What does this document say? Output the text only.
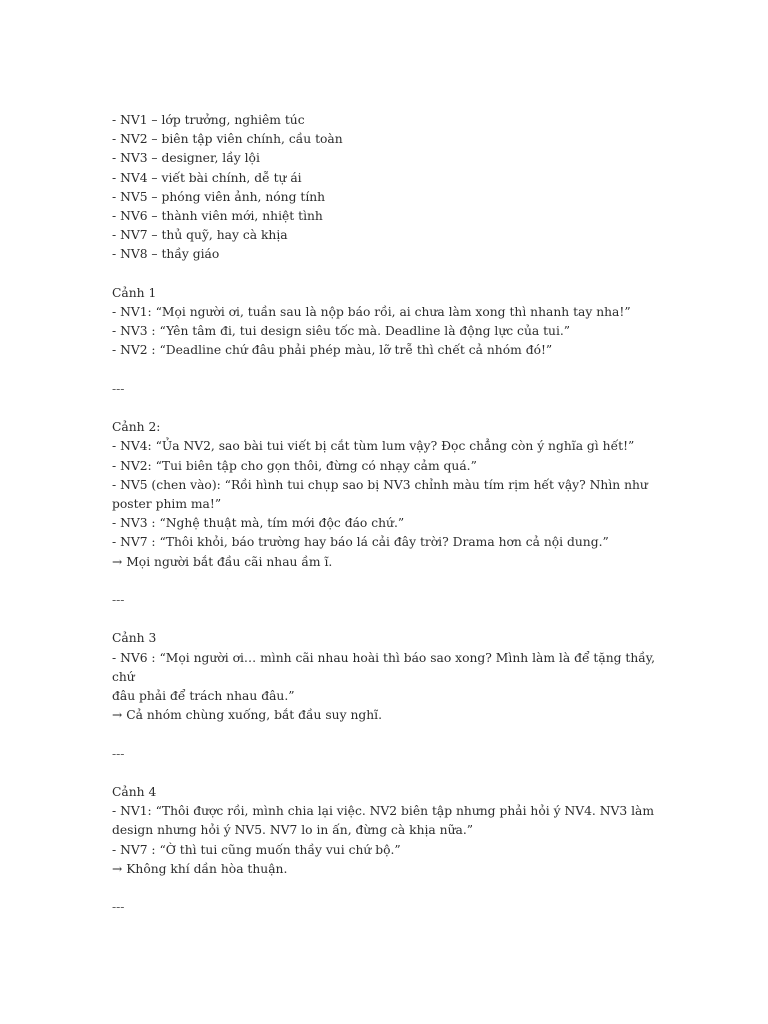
- NV1 – lớp trưởng, nghiêm túc

- NV2 – biên tập viên chính, cầu toàn

- NV3 – designer, lầy lội

- NV4 – viết bài chính, dễ tự ái

- NV5 – phóng viên ảnh, nóng tính

- NV6 – thành viên mới, nhiệt tình

- NV7 – thủ quỹ, hay cà khịa

- NV8 – thầy giáo

Cảnh 1

- NV1: “Mọi người ơi, tuần sau là nộp báo rồi, ai chưa làm xong thì nhanh tay nha!”

- NV3 : “Yên tâm đi, tui design siêu tốc mà. Deadline là động lực của tui.”

- NV2 : “Deadline chứ đâu phải phép màu, lỡ trễ thì chết cả nhóm đó!”

---

Cảnh 2:

- NV4: “Ủa NV2, sao bài tui viết bị cắt tùm lum vậy? Đọc chẳng còn ý nghĩa gì hết!”

- NV2: “Tui biên tập cho gọn thôi, đừng có nhạy cảm quá.”

- NV5 (chen vào): “Rồi hình tui chụp sao bị NV3 chỉnh màu tím rịm hết vậy? Nhìn như

poster phim ma!”

- NV3 : “Nghệ thuật mà, tím mới độc đáo chứ.”

- NV7 : “Thôi khỏi, báo trường hay báo lá cải đây trời? Drama hơn cả nội dung.”

→ Mọi người bắt đầu cãi nhau ầm ĩ.

---

Cảnh 3

- NV6 : “Mọi người ơi… mình cãi nhau hoài thì báo sao xong? Mình làm là để tặng thầy, chứ

đâu phải để trách nhau đâu.”

→ Cả nhóm chùng xuống, bắt đầu suy nghĩ.

---

Cảnh 4

- NV1: “Thôi được rồi, mình chia lại việc. NV2 biên tập nhưng phải hỏi ý NV4. NV3 làm

design nhưng hỏi ý NV5. NV7 lo in ấn, đừng cà khịa nữa.”

- NV7 : “Ờ thì tui cũng muốn thầy vui chứ bộ.”

→ Không khí dần hòa thuận.

---
